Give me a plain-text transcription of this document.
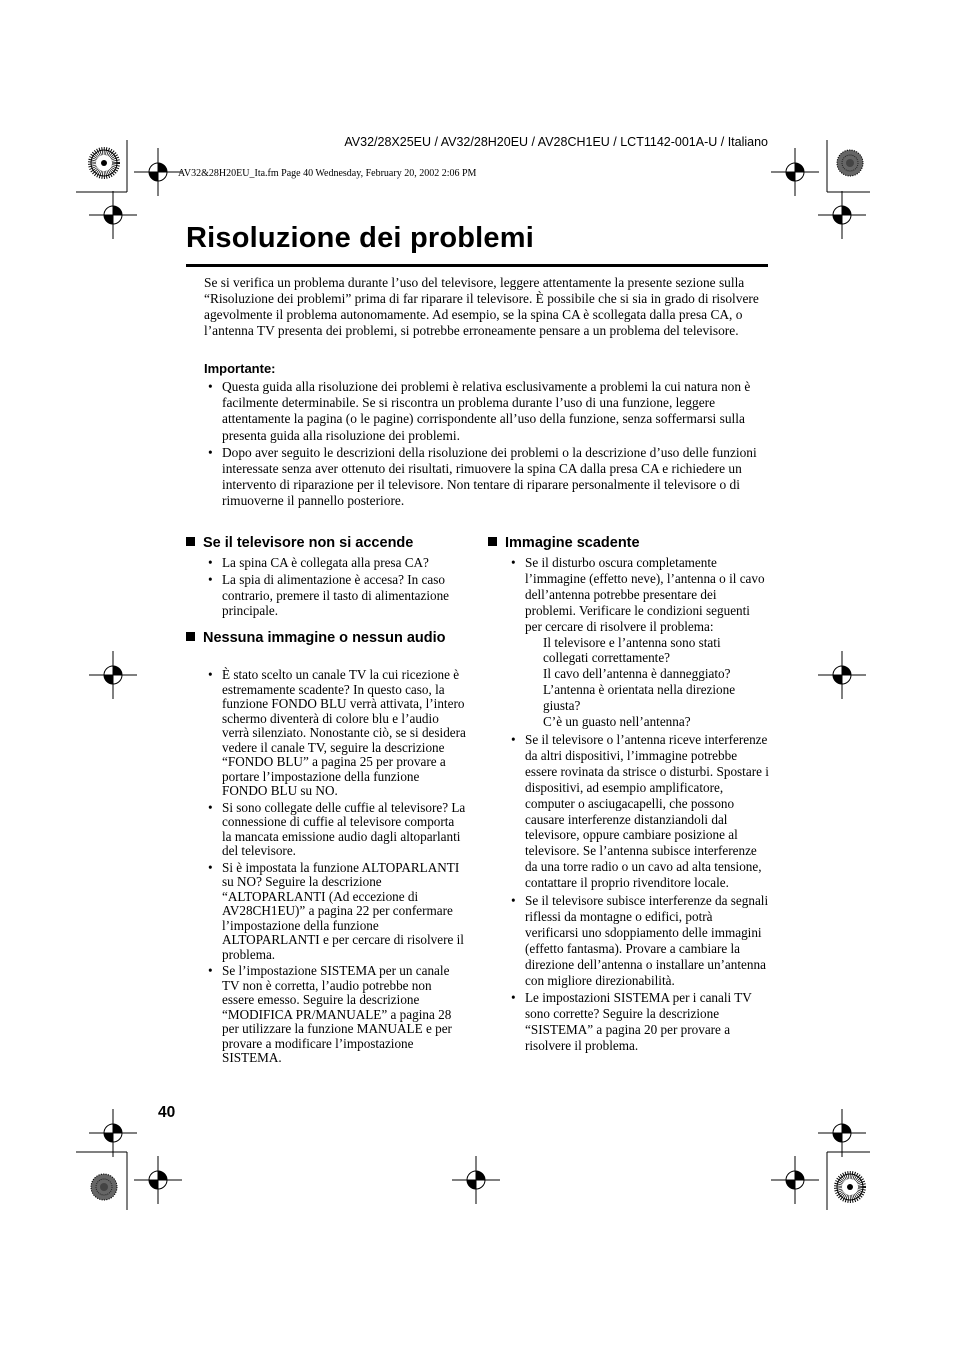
AV32/28X25EU / AV32/28H20EU / AV28CH1EU / LCT1142-001A-U / Italiano
AV32&28H20EU_Ita.fm Page 40 Wednesday, February 20, 2002 2:06 PM
Risoluzione dei problemi

Se si verifica un problema durante l’uso del televisore, leggere attentamente la presente sezione sulla “Risoluzione dei problemi” prima di far riparare il televisore. È possibile che si sia in grado di risolvere agevolmente il problema autonomamente. Ad esempio, se la spina CA è scollegata dalla presa CA, o l’antenna TV presenta dei problemi, si potrebbe erroneamente pensare a un problema del televisore.

Importante:
• Questa guida alla risoluzione dei problemi è relativa esclusivamente a problemi la cui natura non è facilmente determinabile. Se si riscontra un problema durante l’uso di una funzione, leggere attentamente la pagina (o le pagine) corrispondente all’uso della funzione, senza soffermarsi sulla presenta guida alla risoluzione dei problemi.
• Dopo aver seguito le descrizioni della risoluzione dei problemi o la descrizione d’uso delle funzioni interessate senza aver ottenuto dei risultati, rimuovere la spina CA dalla presa CA e richiedere un intervento di riparazione per il televisore. Non tentare di riparare personalmente il televisore o di rimuoverne il pannello posteriore.
Se il televisore non si accende
• La spina CA è collegata alla presa CA?
• La spia di alimentazione è accesa? In caso contrario, premere il tasto di alimentazione principale.
Nessuna immagine o nessun audio
• È stato scelto un canale TV la cui ricezione è estremamente scadente? In questo caso, la funzione FONDO BLU verrà attivata, l’intero schermo diventerà di colore blu e l’audio verrà silenziato. Nonostante ciò, se si desidera vedere il canale TV, seguire la descrizione “FONDO BLU” a pagina 25 per provare a portare l’impostazione della funzione FONDO BLU su NO.
• Si sono collegate delle cuffie al televisore? La connessione di cuffie al televisore comporta la mancata emissione audio dagli altoparlanti del televisore.
• Si è impostata la funzione ALTOPARLANTI su NO? Seguire la descrizione “ALTOPARLANTI (Ad eccezione di AV28CH1EU)” a pagina 22 per confermare l’impostazione della funzione ALTOPARLANTI e per cercare di risolvere il problema.
• Se l’impostazione SISTEMA per un canale TV non è corretta, l’audio potrebbe non essere emesso. Seguire la descrizione “MODIFICA PR/MANUALE” a pagina 28 per utilizzare la funzione MANUALE e per provare a modificare l’impostazione SISTEMA.
Immagine scadente
• Se il disturbo oscura completamente l’immagine (effetto neve), l’antenna o il cavo dell’antenna potrebbe presentare dei problemi. Verificare le condizioni seguenti per cercare di risolvere il problema:
Il televisore e l’antenna sono stati collegati correttamente?
Il cavo dell’antenna è danneggiato?
L’antenna è orientata nella direzione giusta?
C’è un guasto nell’antenna?
• Se il televisore o l’antenna riceve interferenze da altri dispositivi, l’immagine potrebbe essere rovinata da strisce o disturbi. Spostare i dispositivi, ad esempio amplificatore, computer o asciugacapelli, che possono causare interferenze distanziandoli dal televisore, oppure cambiare posizione al televisore. Se l’antenna subisce interferenze da una torre radio o un cavo ad alta tensione, contattare il proprio rivenditore locale.
• Se il televisore subisce interferenze da segnali riflessi da montagne o edifici, potrà verificarsi uno sdoppiamento delle immagini (effetto fantasma). Provare a cambiare la direzione dell’antenna o installare un’antenna con migliore direzionabilità.
• Le impostazioni SISTEMA per i canali TV sono corrette? Seguire la descrizione “SISTEMA” a pagina 20 per provare a risolvere il problema.
40
